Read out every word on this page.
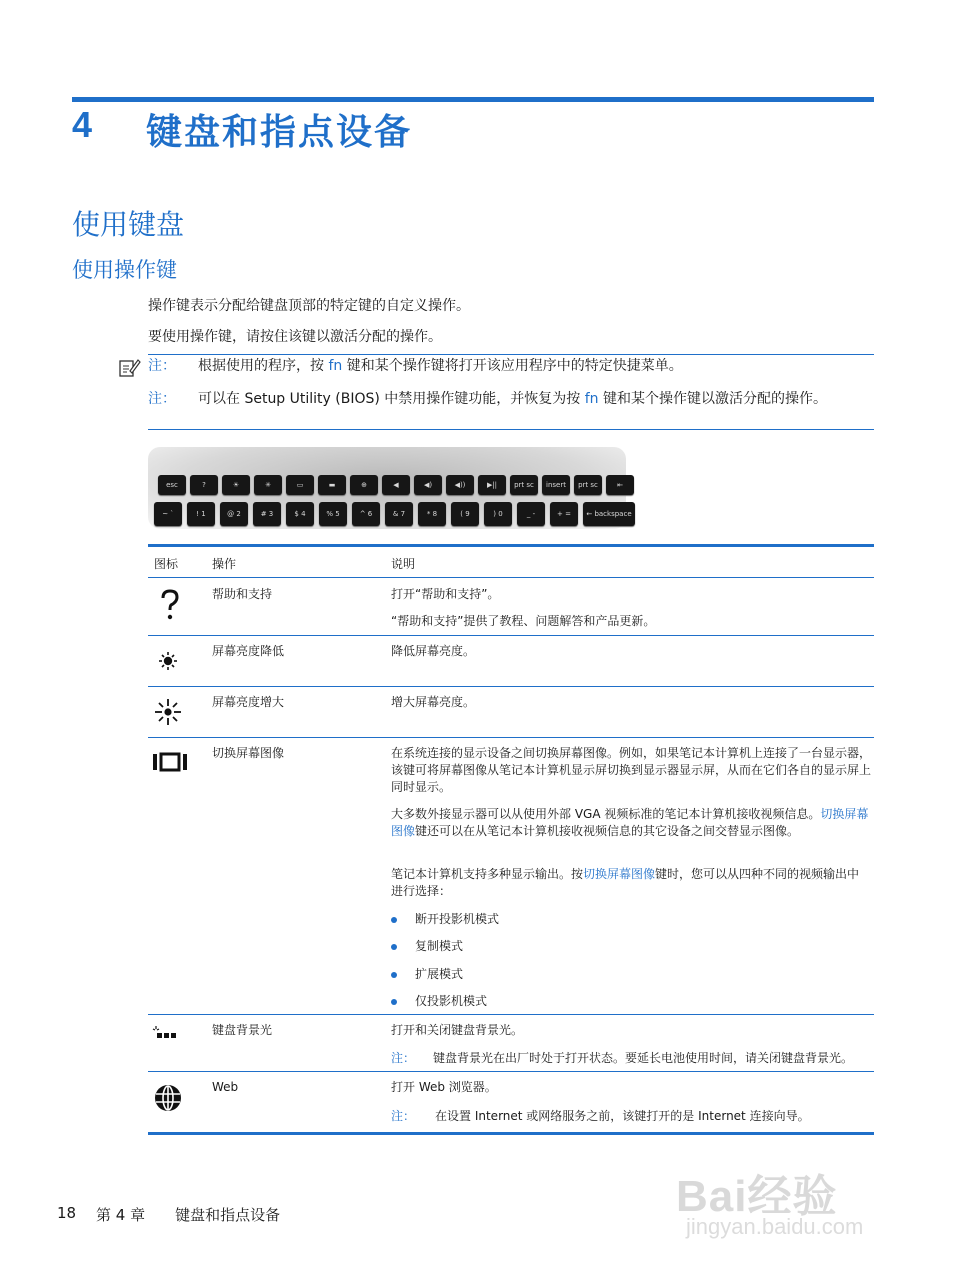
4 键盘和指点设备
使用键盘
使用操作键
操作键表示分配给键盘顶部的特定键的自定义操作。
要使用操作键，请按住该键以激活分配的操作。
注： 根据使用的程序，按 fn 键和某个操作键将打开该应用程序中的特定快捷菜单。
注： 可以在 Setup Utility (BIOS) 中禁用操作键功能，并恢复为按 fn 键和某个操作键以激活分配的操作。
esc	?	☀	✳	▭	▬	⊕	◀	◀)	◀))	▶||	prt sc	insert	prt sc	⇤
~ `	! 1	@ 2	# 3	$ 4	% 5	^ 6	& 7	* 8	( 9	) 0	_ -	+ =	← backspace
图标	操作	说明
帮助和支持	打开“帮助和支持”。
“帮助和支持”提供了教程、问题解答和产品更新。
屏幕亮度降低	降低屏幕亮度。
屏幕亮度增大	增大屏幕亮度。
切换屏幕图像	在系统连接的显示设备之间切换屏幕图像。例如，如果笔记本计算机上连接了一台显示器，该键可将屏幕图像从笔记本计算机显示屏切换到显示器显示屏，从而在它们各自的显示屏上同时显示。
大多数外接显示器可以从使用外部 VGA 视频标准的笔记本计算机接收视频信息。切换屏幕图像键还可以在从笔记本计算机接收视频信息的其它设备之间交替显示图像。
笔记本计算机支持多种显示输出。按切换屏幕图像键时，您可以从四种不同的视频输出中进行选择：
断开投影机模式
复制模式
扩展模式
仅投影机模式
键盘背景光	打开和关闭键盘背景光。
注： 键盘背景光在出厂时处于打开状态。要延长电池使用时间，请关闭键盘背景光。
Web	打开 Web 浏览器。
注： 在设置 Internet 或网络服务之前，该键打开的是 Internet 连接向导。
18 第 4 章　　键盘和指点设备	Bai经验
jingyan.baidu.com
